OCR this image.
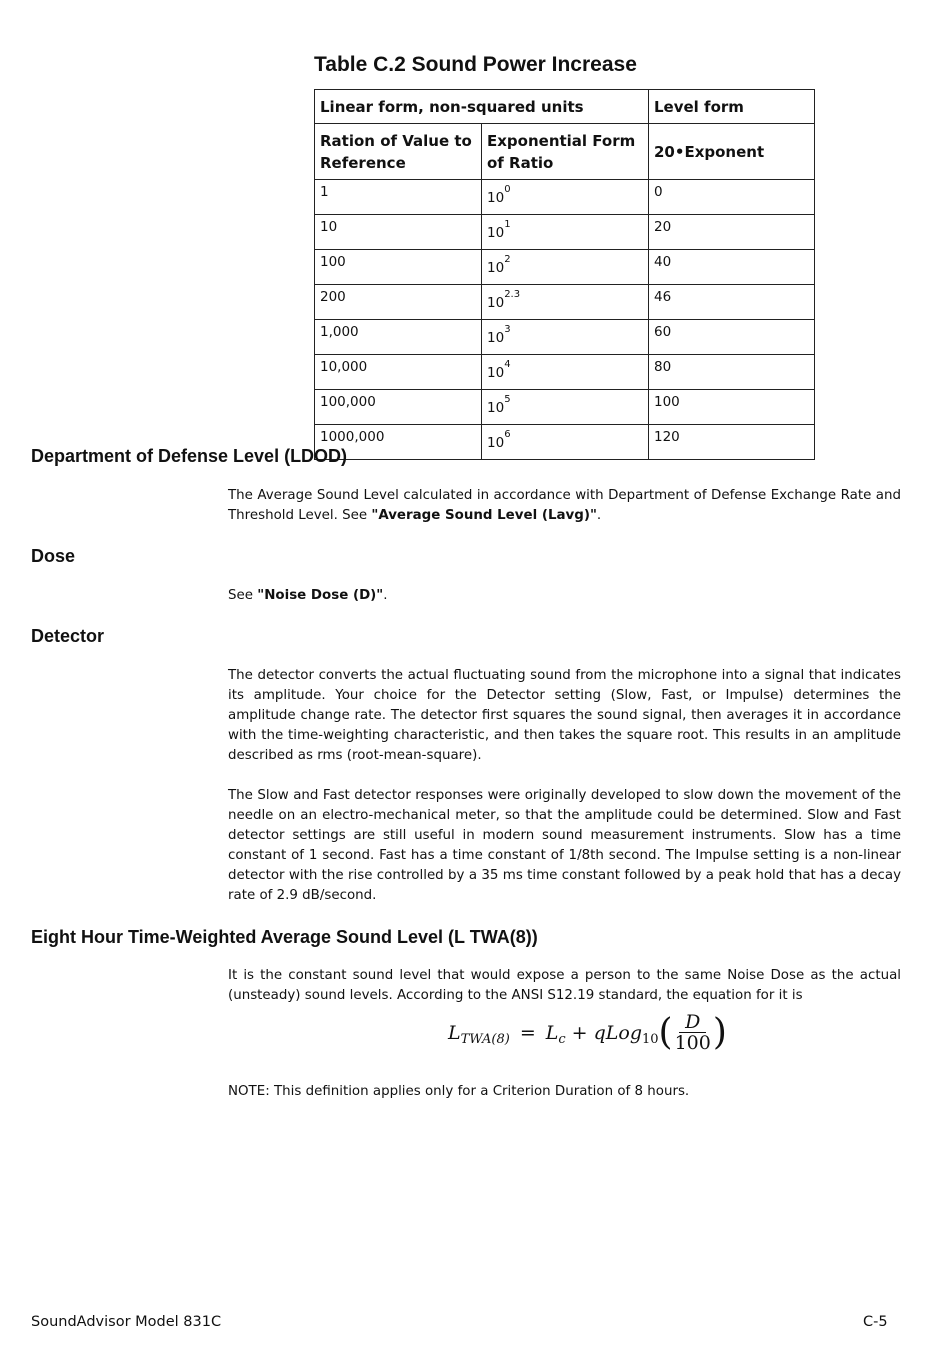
Table C.2 Sound Power Increase
Linear form, non-squared units		Level form
Ration of Value to Reference	Exponential Form of Ratio	20•Exponent
1	$10^0$	0
10	$10^1$	20
100	$10^2$	40
200	$10^{2.3}$	46
1,000	$10^3$	60
10,000	$10^4$	80
100,000	$10^5$	100
1000,000	$10^6$	120
Department of Defense Level (LDOD)

The Average Sound Level calculated in accordance with Department of Defense Exchange Rate and Threshold Level. See "Average Sound Level (Lavg)".

Dose

See "Noise Dose (D)".

Detector

The detector converts the actual fluctuating sound from the microphone into a signal that indicates its amplitude. Your choice for the Detector setting (Slow, Fast, or Impulse) determines the amplitude change rate. The detector first squares the sound signal, then averages it in accordance with the time-weighting characteristic, and then takes the square root. This results in an amplitude described as rms (root-mean-square).

The Slow and Fast detector responses were originally developed to slow down the movement of the needle on an electro-mechanical meter, so that the amplitude could be determined. Slow and Fast detector settings are still useful in modern sound measurement instruments. Slow has a time constant of 1 second. Fast has a time constant of 1/8th second. The Impulse setting is a non-linear detector with the rise controlled by a 35 ms time constant followed by a peak hold that has a decay rate of 2.9 dB/second.

Eight Hour Time-Weighted Average Sound Level (L TWA(8))

It is the constant sound level that would expose a person to the same Noise Dose as the actual (unsteady) sound levels. According to the ANSI S12.19 standard, the equation for it is

L TWA(8) = L c + qLog 10 ( $\frac{D}{100}$ )

NOTE: This definition applies only for a Criterion Duration of 8 hours.

SoundAdvisor Model 831C	C-5
